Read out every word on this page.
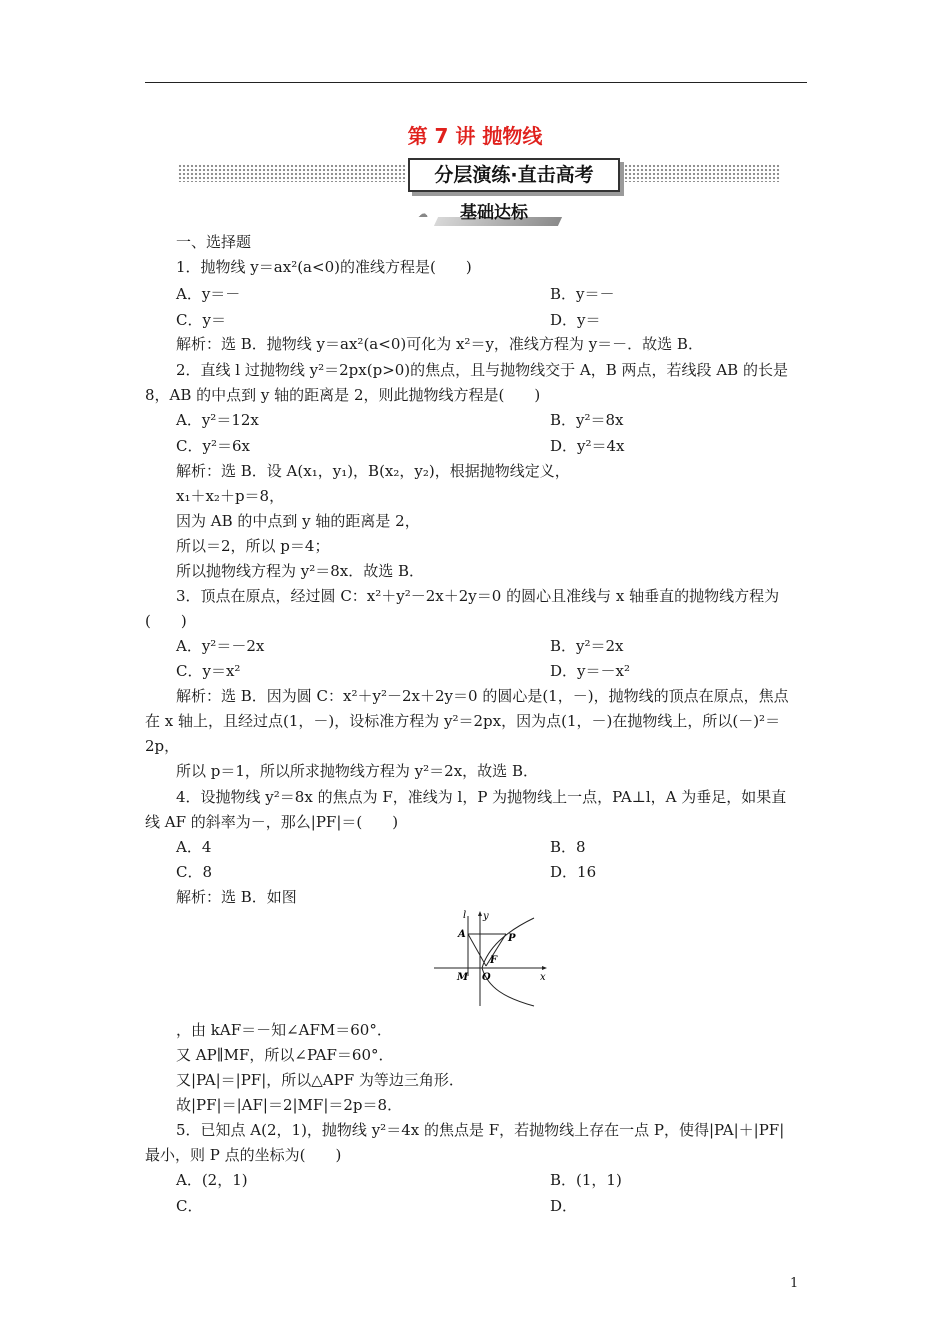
第 7 讲 抛物线
分层演练·直击高考
☁ 基础达标
一、选择题
1．抛物线 y＝ax²(a<0)的准线方程是(　　)
A．y＝－	B．y＝－
C．y＝	D．y＝
解析：选 B．抛物线 y＝ax²(a<0)可化为 x²＝y，准线方程为 y＝－．故选 B．
2．直线 l 过抛物线 y²＝2px(p>0)的焦点，且与抛物线交于 A，B 两点，若线段 AB 的长是
8，AB 的中点到 y 轴的距离是 2，则此抛物线方程是(　　)
A．y²＝12x	B．y²＝8x
C．y²＝6x	D．y²＝4x
解析：选 B．设 A(x₁，y₁)，B(x₂，y₂)，根据抛物线定义，
x₁＋x₂＋p＝8，
因为 AB 的中点到 y 轴的距离是 2，
所以＝2，所以 p＝4；
所以抛物线方程为 y²＝8x．故选 B．
3．顶点在原点，经过圆 C：x²＋y²－2x＋2y＝0 的圆心且准线与 x 轴垂直的抛物线方程为
(　　)
A．y²＝－2x	B．y²＝2x
C．y＝x²	D．y＝－x²
解析：选 B．因为圆 C：x²＋y²－2x＋2y＝0 的圆心是(1，－)，抛物线的顶点在原点，焦点
在 x 轴上，且经过点(1，－)，设标准方程为 y²＝2px，因为点(1，－)在抛物线上，所以(－)²＝
2p，
所以 p＝1，所以所求抛物线方程为 y²＝2x，故选 B．
4．设抛物线 y²＝8x 的焦点为 F，准线为 l，P 为抛物线上一点，PA⊥l，A 为垂足，如果直
线 AF 的斜率为－，那么|PF|＝(　　)
A．4	B．8
C．8	D．16
解析：选 B．如图
l y
A	P
F
M O	x
，由 kAF＝－知∠AFM＝60°．
又 AP∥MF，所以∠PAF＝60°．
又|PA|＝|PF|，所以△APF 为等边三角形．
故|PF|＝|AF|＝2|MF|＝2p＝8．
5．已知点 A(2，1)，抛物线 y²＝4x 的焦点是 F，若抛物线上存在一点 P，使得|PA|＋|PF|
最小，则 P 点的坐标为(　　)
A．(2，1)	B．(1，1)
C．	D．
1
